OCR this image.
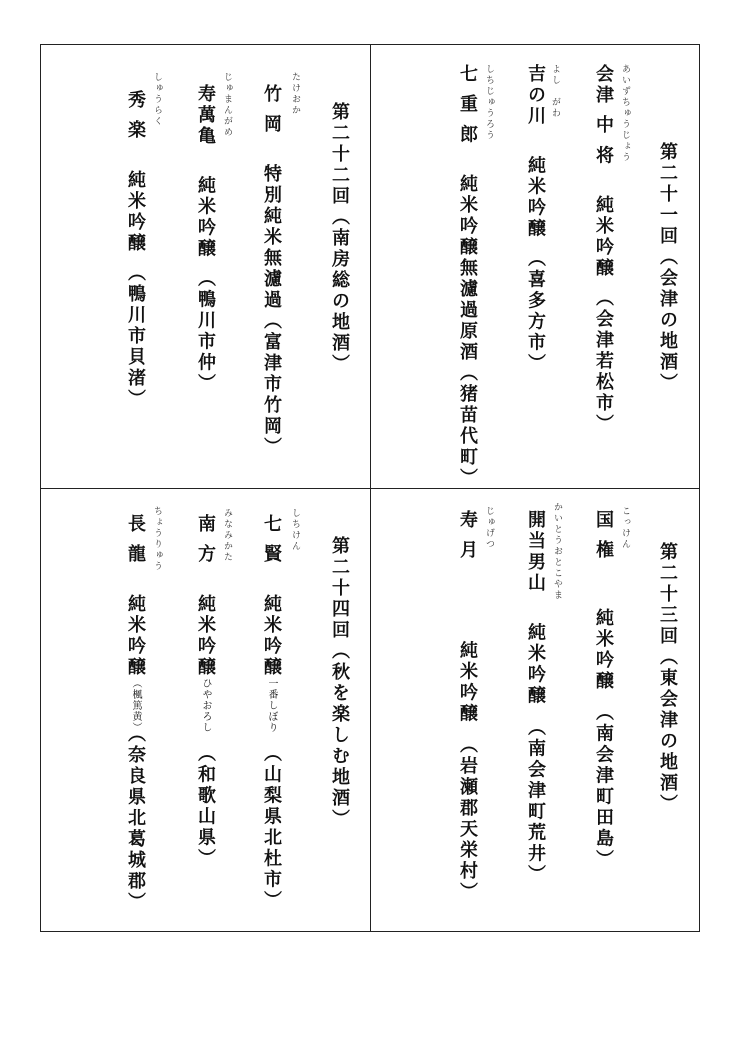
第二十一回（会津の地酒）
あいずちゅうじょう
会津 中 将純米吟醸（会津若松市）
よし　がわ
吉の川純米吟醸（喜多方市）
しちじゅうろう
七 重 郎純米吟醸無濾過原酒（猪苗代町）
第二十二回（南房総の地酒）
たけおか
竹 岡特別純米無濾過（富津市竹岡）
じゅまんがめ
寿萬亀純米吟醸（鴨川市仲）
しゅうらく
秀 楽純米吟醸（鴨川市貝渚）
第二十三回（東会津の地酒）
こっけん
国 権純米吟醸（南会津町田島）
かいとうおとこやま
開当男山純米吟醸（南会津町荒井）
じゅげつ
寿 月純米吟醸（岩瀬郡天栄村）
第二十四回（秋を楽しむ地酒）
しちけん
七 賢純米吟醸一番しぼり（山梨県北杜市）
みなみかた
南 方純米吟醸ひやおろし（和歌山県）
ちょうりゅう
長 龍純米吟醸（楓篤黄）（奈良県北葛城郡）
